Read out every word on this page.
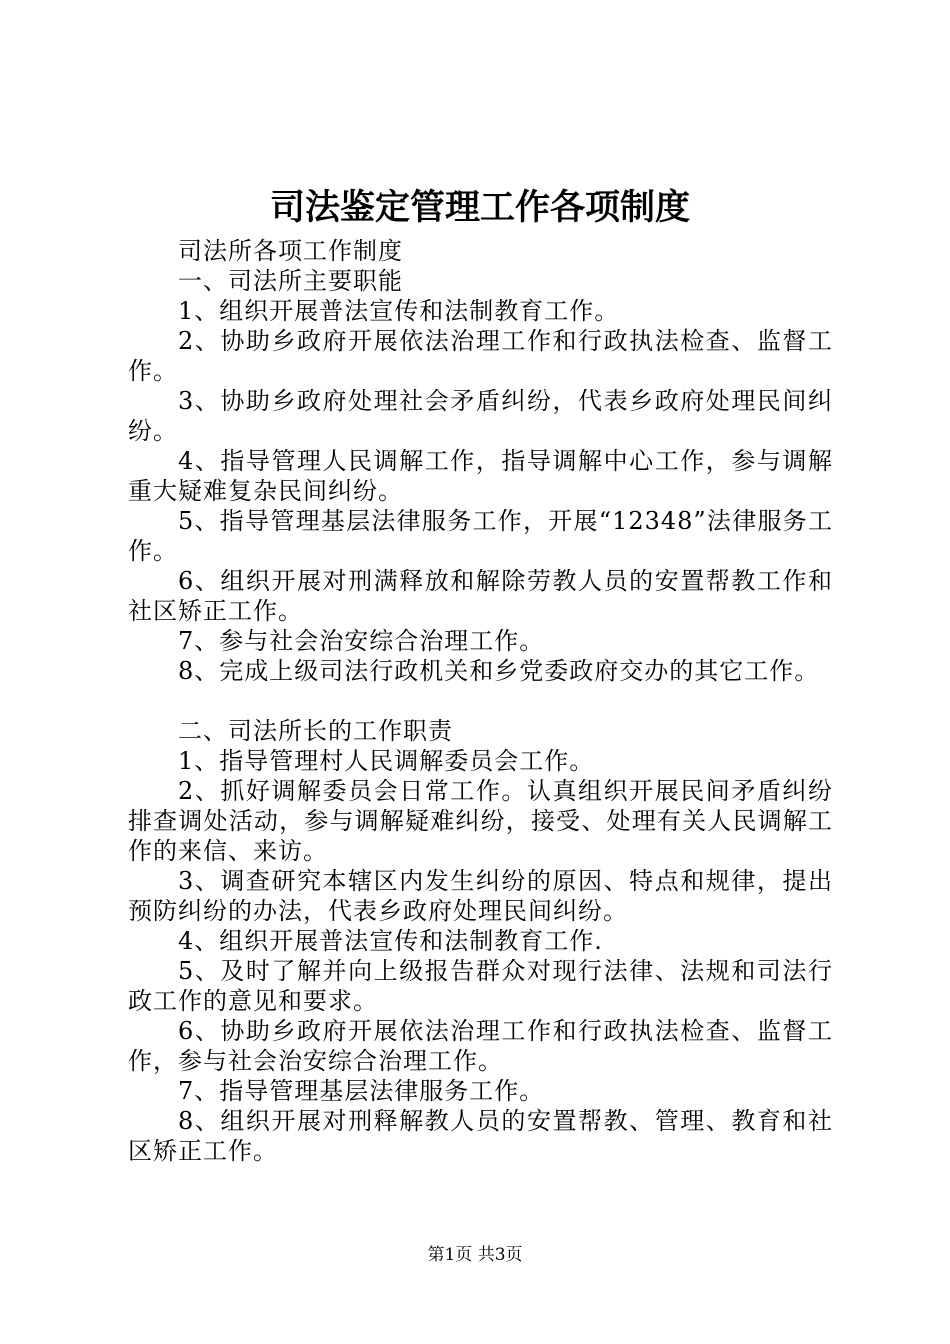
司法鉴定管理工作各项制度

司法所各项工作制度

一、司法所主要职能

1、组织开展普法宣传和法制教育工作。

2、协助乡政府开展依法治理工作和行政执法检查、监督工作。

3、协助乡政府处理社会矛盾纠纷，代表乡政府处理民间纠纷。

4、指导管理人民调解工作，指导调解中心工作，参与调解重大疑难复杂民间纠纷。

5、指导管理基层法律服务工作，开展“12348”法律服务工作。

6、组织开展对刑满释放和解除劳教人员的安置帮教工作和社区矫正工作。

7、参与社会治安综合治理工作。

8、完成上级司法行政机关和乡党委政府交办的其它工作。

二、司法所长的工作职责

1、指导管理村人民调解委员会工作。

2、抓好调解委员会日常工作。认真组织开展民间矛盾纠纷排查调处活动，参与调解疑难纠纷，接受、处理有关人民调解工作的来信、来访。

3、调查研究本辖区内发生纠纷的原因、特点和规律，提出预防纠纷的办法，代表乡政府处理民间纠纷。

4、组织开展普法宣传和法制教育工作.

5、及时了解并向上级报告群众对现行法律、法规和司法行政工作的意见和要求。

6、协助乡政府开展依法治理工作和行政执法检查、监督工作，参与社会治安综合治理工作。

7、指导管理基层法律服务工作。

8、组织开展对刑释解教人员的安置帮教、管理、教育和社区矫正工作。

第1页 共3页
